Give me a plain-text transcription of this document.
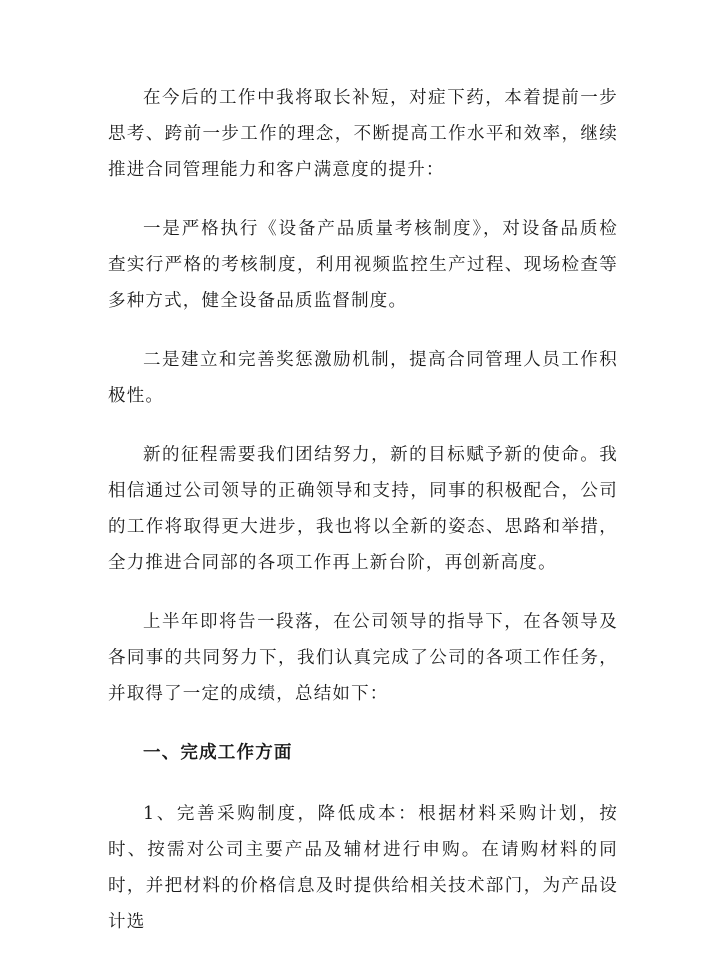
在今后的工作中我将取长补短，对症下药，本着提前一步思考、跨前一步工作的理念，不断提高工作水平和效率，继续推进合同管理能力和客户满意度的提升：

一是严格执行《设备产品质量考核制度》，对设备品质检查实行严格的考核制度，利用视频监控生产过程、现场检查等多种方式，健全设备品质监督制度。

二是建立和完善奖惩激励机制，提高合同管理人员工作积极性。

新的征程需要我们团结努力，新的目标赋予新的使命。我相信通过公司领导的正确领导和支持，同事的积极配合，公司的工作将取得更大进步，我也将以全新的姿态、思路和举措，全力推进合同部的各项工作再上新台阶，再创新高度。

上半年即将告一段落，在公司领导的指导下，在各领导及各同事的共同努力下，我们认真完成了公司的各项工作任务，并取得了一定的成绩，总结如下：

一、完成工作方面

1、完善采购制度，降低成本：根据材料采购计划，按时、按需对公司主要产品及辅材进行申购。在请购材料的同时，并把材料的价格信息及时提供给相关技术部门，为产品设计选
